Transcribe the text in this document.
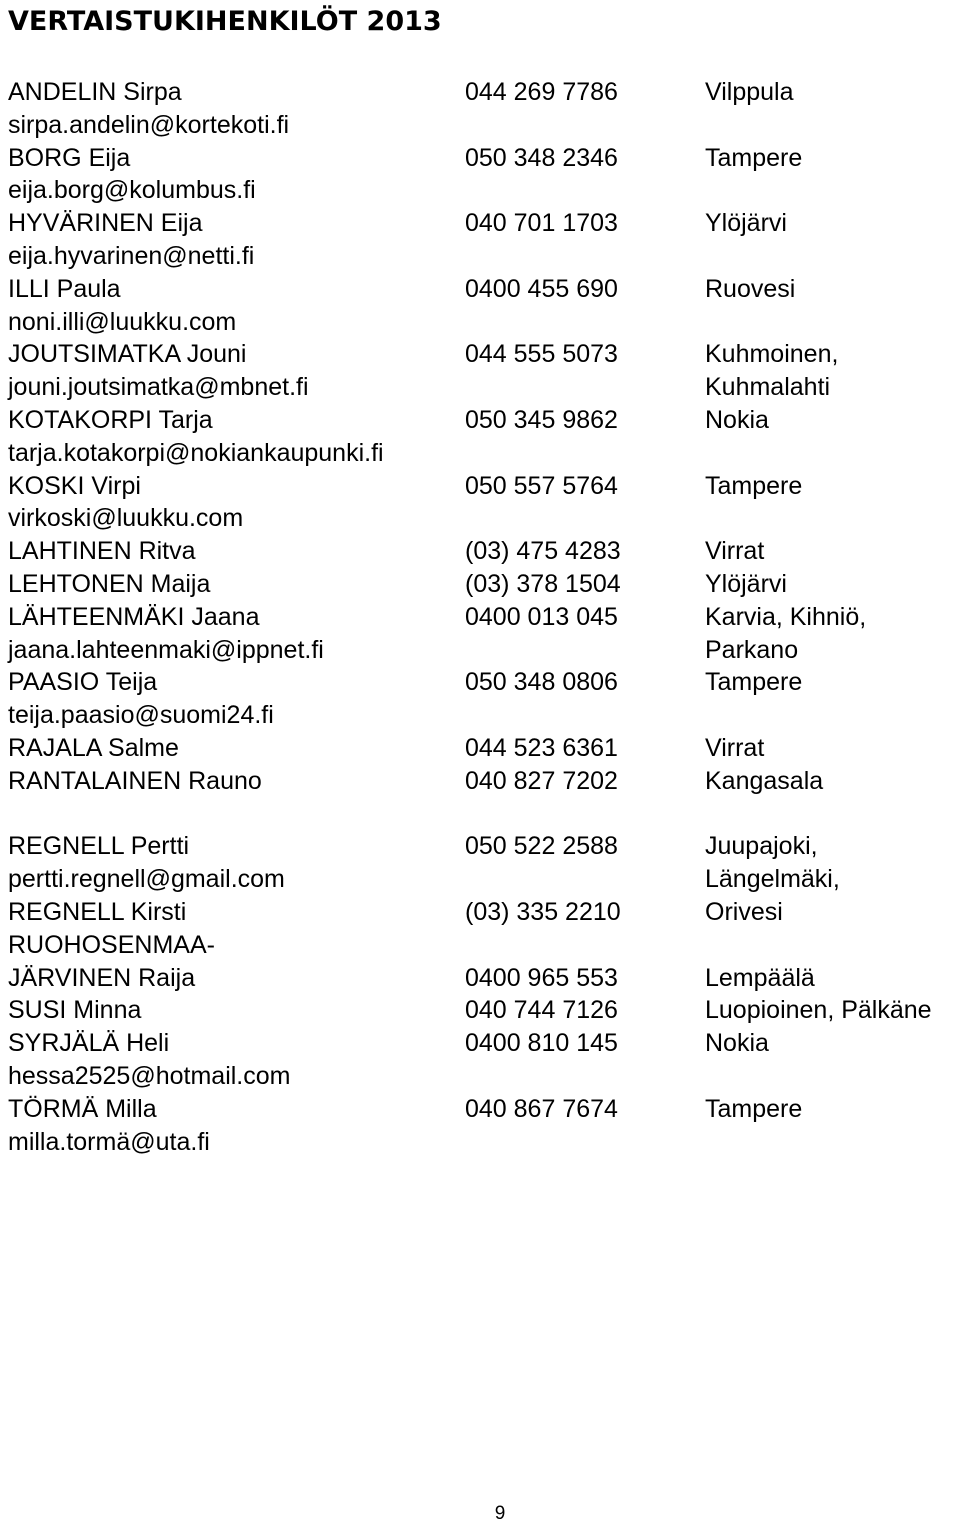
VERTAISTUKIHENKILÖT 2013
ANDELIN Sirpa	044 269 7786	Vilppula
sirpa.andelin@kortekoti.fi
BORG Eija	050 348 2346	Tampere
eija.borg@kolumbus.fi
HYVÄRINEN Eija	040 701 1703	Ylöjärvi
eija.hyvarinen@netti.fi
ILLI Paula	0400 455 690	Ruovesi
noni.illi@luukku.com
JOUTSIMATKA Jouni	044 555 5073	Kuhmoinen,
jouni.joutsimatka@mbnet.fi	Kuhmalahti
KOTAKORPI Tarja	050 345 9862	Nokia
tarja.kotakorpi@nokiankaupunki.fi
KOSKI Virpi	050 557 5764	Tampere
virkoski@luukku.com
LAHTINEN Ritva	(03) 475 4283	Virrat
LEHTONEN Maija	(03) 378 1504	Ylöjärvi
LÄHTEENMÄKI Jaana	0400 013 045	Karvia, Kihniö,
jaana.lahteenmaki@ippnet.fi	Parkano
PAASIO Teija	050 348 0806	Tampere
teija.paasio@suomi24.fi
RAJALA Salme	044 523 6361	Virrat
RANTALAINEN Rauno	040 827 7202	Kangasala
REGNELL Pertti	050 522 2588	Juupajoki,
pertti.regnell@gmail.com	Längelmäki,
REGNELL Kirsti	(03) 335 2210	Orivesi
RUOHOSENMAA-
JÄRVINEN Raija	0400 965 553	Lempäälä
SUSI Minna	040 744 7126	Luopioinen, Pälkäne
SYRJÄLÄ Heli	0400 810 145	Nokia
hessa2525@hotmail.com
TÖRMÄ Milla	040 867 7674	Tampere
milla.tormä@uta.fi
9
